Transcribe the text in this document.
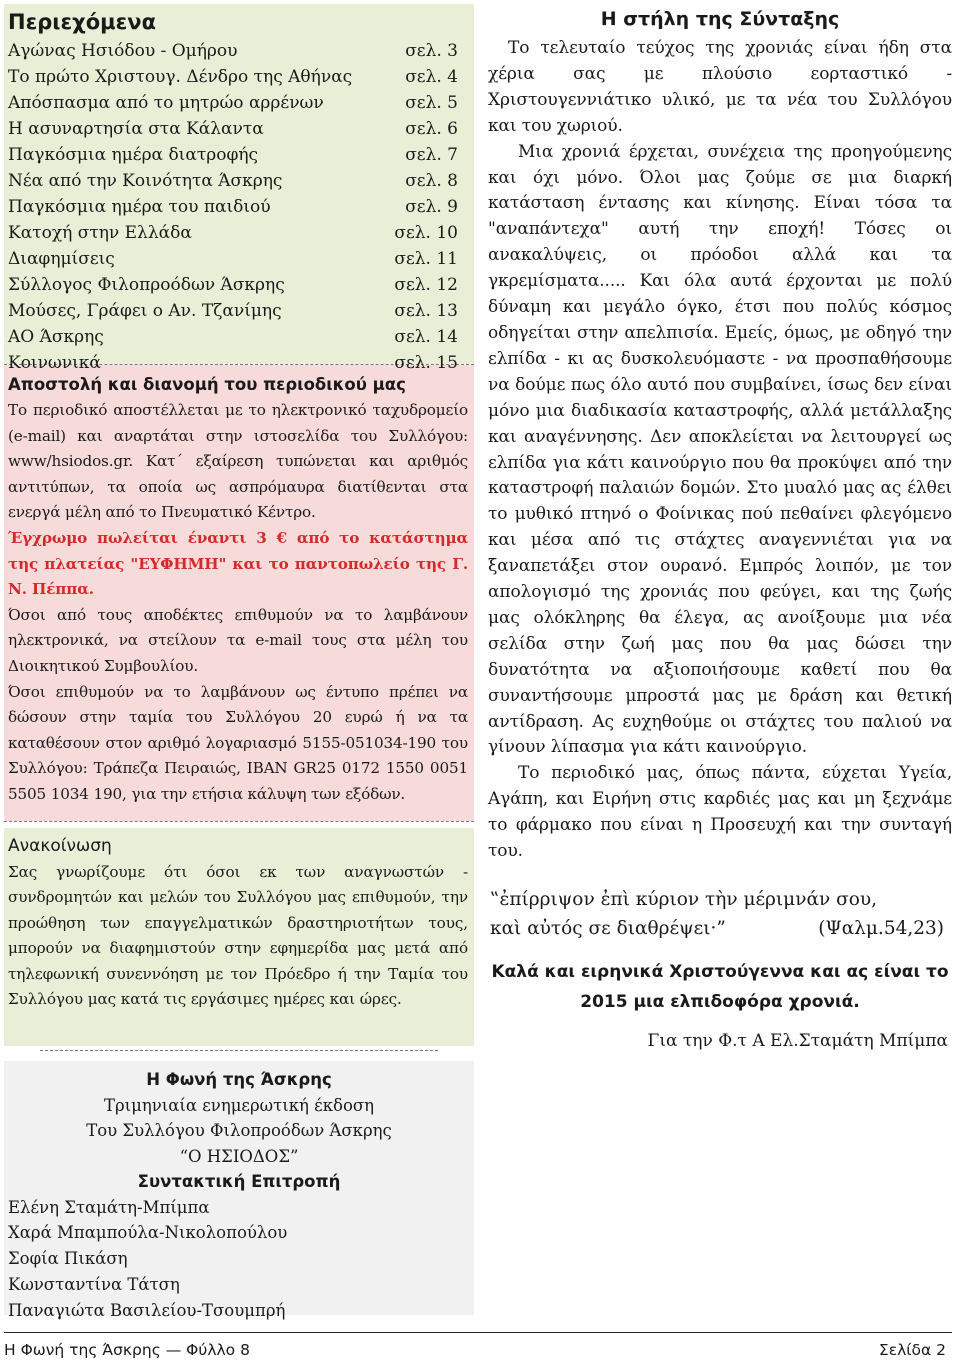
Περιεχόμενα
Αγώνας Ησιόδου - Ομήρου	σελ. 3
Το πρώτο Χριστουγ. Δένδρο της Αθήνας	σελ. 4
Απόσπασμα από το μητρώο αρρένων	σελ. 5
Η ασυναρτησία στα Κάλαντα	σελ. 6
Παγκόσμια ημέρα διατροφής	σελ. 7
Νέα από την Κοινότητα Άσκρης	σελ. 8
Παγκόσμια ημέρα του παιδιού	σελ. 9
Κατοχή στην Ελλάδα	σελ. 10
Διαφημίσεις	σελ. 11
Σύλλογος Φιλοπροόδων Άσκρης	σελ. 12
Μούσες, Γράφει ο Αν. Τζανίμης	σελ. 13
ΑΟ Άσκρης	σελ. 14
Κοινωνικά	σελ. 15
Αποστολή και διανομή του περιοδικού μας

Το περιοδικό αποστέλλεται με το ηλεκτρονικό ταχυδρομείο (e-mail) και αναρτάται στην ιστοσελίδα του Συλλόγου: www/hsiodos.gr. Κατ΄ εξαίρεση τυπώνεται και αριθμός αντιτύπων, τα οποία ως ασπρόμαυρα διατίθενται στα ενεργά μέλη από το Πνευματικό Κέντρο.

Έγχρωμο πωλείται έναντι 3 € από το κατάστημα της πλατείας "ΕΥΦΗΜΗ" και το παντοπωλείο της Γ. Ν. Πέππα.

Όσοι από τους αποδέκτες επιθυμούν να το λαμβάνουν ηλεκτρονικά, να στείλουν τα e-mail τους στα μέλη του Διοικητικού Συμβουλίου.

Όσοι επιθυμούν να το λαμβάνουν ως έντυπο πρέπει να δώσουν στην ταμία του Συλλόγου 20 ευρώ ή να τα καταθέσουν στον αριθμό λογαριασμό 5155-051034-190 του Συλλόγου: Τράπεζα Πειραιώς, IBAN GR25 0172 1550 0051 5505 1034 190, για την ετήσια κάλυψη των εξόδων.

Ανακοίνωση

Σας γνωρίζουμε ότι όσοι εκ των αναγνωστών - συνδρομητών και μελών του Συλλόγου μας επιθυμούν, την προώθηση των επαγγελματικών δραστηριοτήτων τους, μπορούν να διαφημιστούν στην εφημερίδα μας μετά από τηλεφωνική συνεννόηση με τον Πρόεδρο ή την Ταμία του Συλλόγου μας κατά τις εργάσιμες ημέρες και ώρες.

Η Φωνή της Άσκρης

Τριμηνιαία ενημερωτική έκδοση

Του Συλλόγου Φιλοπροόδων Άσκρης

“Ο ΗΣΙΟΔΟΣ”

Συντακτική Επιτροπή

Ελένη Σταμάτη-Μπίμπα

Χαρά Μπαμπούλα-Νικολοπούλου

Σοφία Πικάση

Κωνσταντίνα Τάτση

Παναγιώτα Βασιλείου-Τσουμπρή

Η στήλη της Σύνταξης

Το τελευταίο τεύχος της χρονιάς είναι ήδη στα χέρια σας με πλούσιο εορταστικό - Χριστουγεννιάτικο υλικό, με τα νέα του Συλλόγου και του χωριού.

Μια χρονιά έρχεται, συνέχεια της προηγούμενης και όχι μόνο. Όλοι μας ζούμε σε μια διαρκή κατάσταση έντασης και κίνησης. Είναι τόσα τα "αναπάντεχα" αυτή την εποχή! Τόσες οι ανακαλύψεις, οι πρόοδοι αλλά και τα γκρεμίσματα..... Και όλα αυτά έρχονται με πολύ δύναμη και μεγάλο όγκο, έτσι που πολύς κόσμος οδηγείται στην απελπισία. Εμείς, όμως, με οδηγό την ελπίδα - κι ας δυσκολευόμαστε - να προσπαθήσουμε να δούμε πως όλο αυτό που συμβαίνει, ίσως δεν είναι μόνο μια διαδικασία καταστροφής, αλλά μετάλλαξης και αναγέννησης. Δεν αποκλείεται να λειτουργεί ως ελπίδα για κάτι καινούργιο που θα προκύψει από την καταστροφή παλαιών δομών. Στο μυαλό μας ας έλθει το μυθικό πτηνό ο Φοίνικας πού πεθαίνει φλεγόμενο και μέσα από τις στάχτες αναγεννιέται για να ξαναπετάξει στον ουρανό. Εμπρός λοιπόν, με τον απολογισμό της χρονιάς που φεύγει, και της ζωής μας ολόκληρης θα έλεγα, ας ανοίξουμε μια νέα σελίδα στην ζωή μας που θα μας δώσει την δυνατότητα να αξιοποιήσουμε καθετί που θα συναντήσουμε μπροστά μας με δράση και θετική αντίδραση. Ας ευχηθούμε οι στάχτες του παλιού να γίνουν λίπασμα για κάτι καινούργιο.

Το περιοδικό μας, όπως πάντα, εύχεται Υγεία, Αγάπη, και Ειρήνη στις καρδιές μας και μη ξεχνάμε το φάρμακο που είναι η Προσευχή και την συνταγή του.

‟ἐπίρριψον ἐπὶ κύριον τὴν μέριμνάν σου,
καὶ αὐτός σε διαθρέψει·”	(Ψαλμ.54,23)
Καλά και ειρηνικά Χριστούγεννα και ας είναι το 2015 μια ελπιδοφόρα χρονιά.
Για την Φ.τ Α Ελ.Σταμάτη Μπίμπα
Η Φωνή της Άσκρης — Φύλλο 8	Σελίδα 2
